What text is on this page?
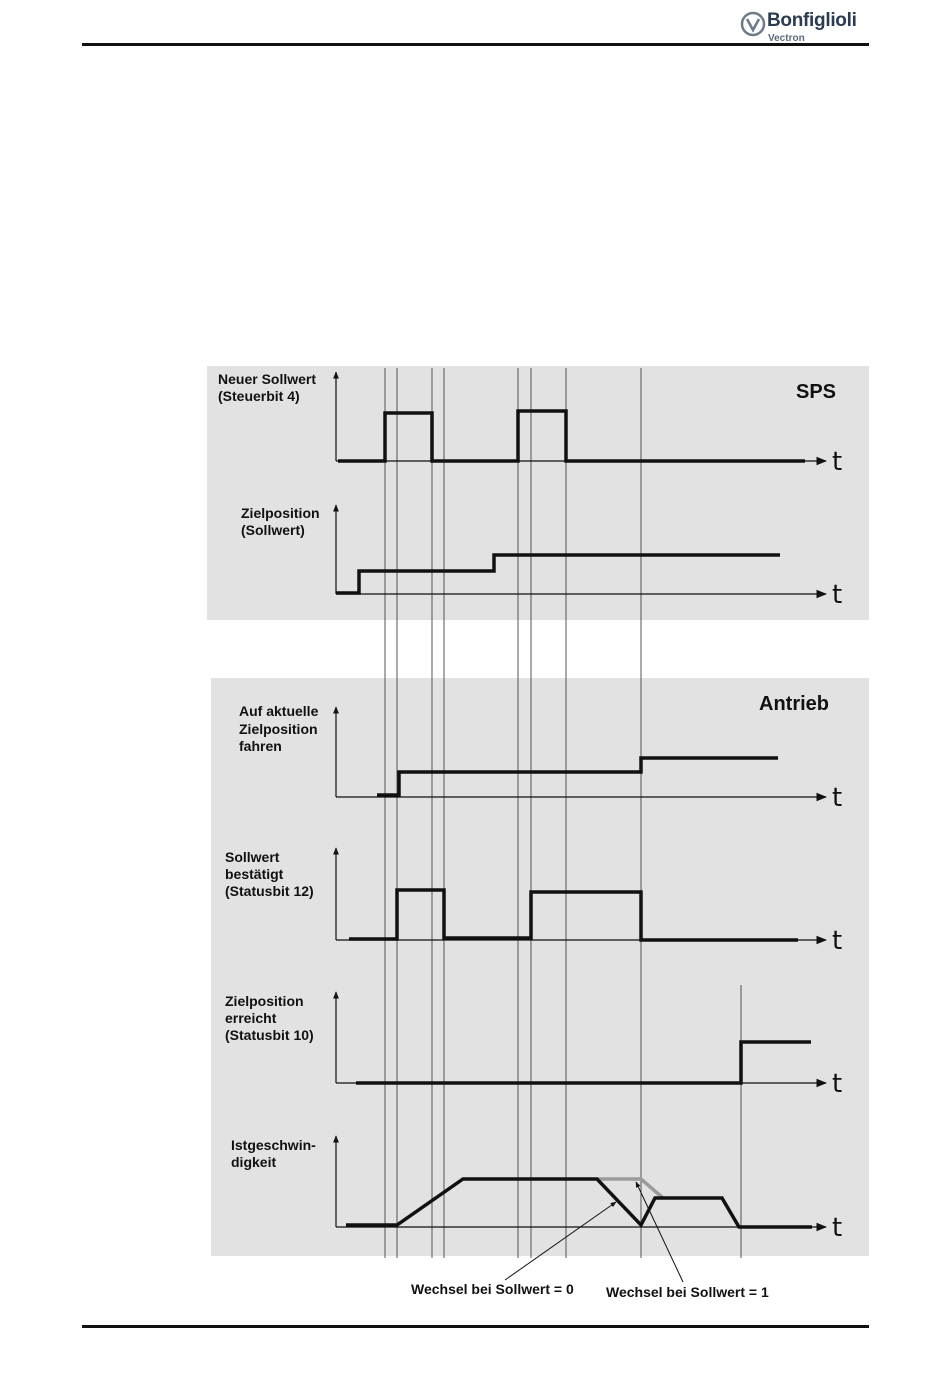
Bonfiglioli
Vectron
SPS
Antrieb
Neuer Sollwert
(Steuerbit 4)
t
Zielposition
(Sollwert)
t
Auf aktuelle
Zielposition
fahren
t
Sollwert
bestätigt
(Statusbit 12)
t
Zielposition
erreicht
(Statusbit 10)
t
Istgeschwin-
digkeit
t
Wechsel bei Sollwert = 0 Wechsel bei Sollwert = 1
